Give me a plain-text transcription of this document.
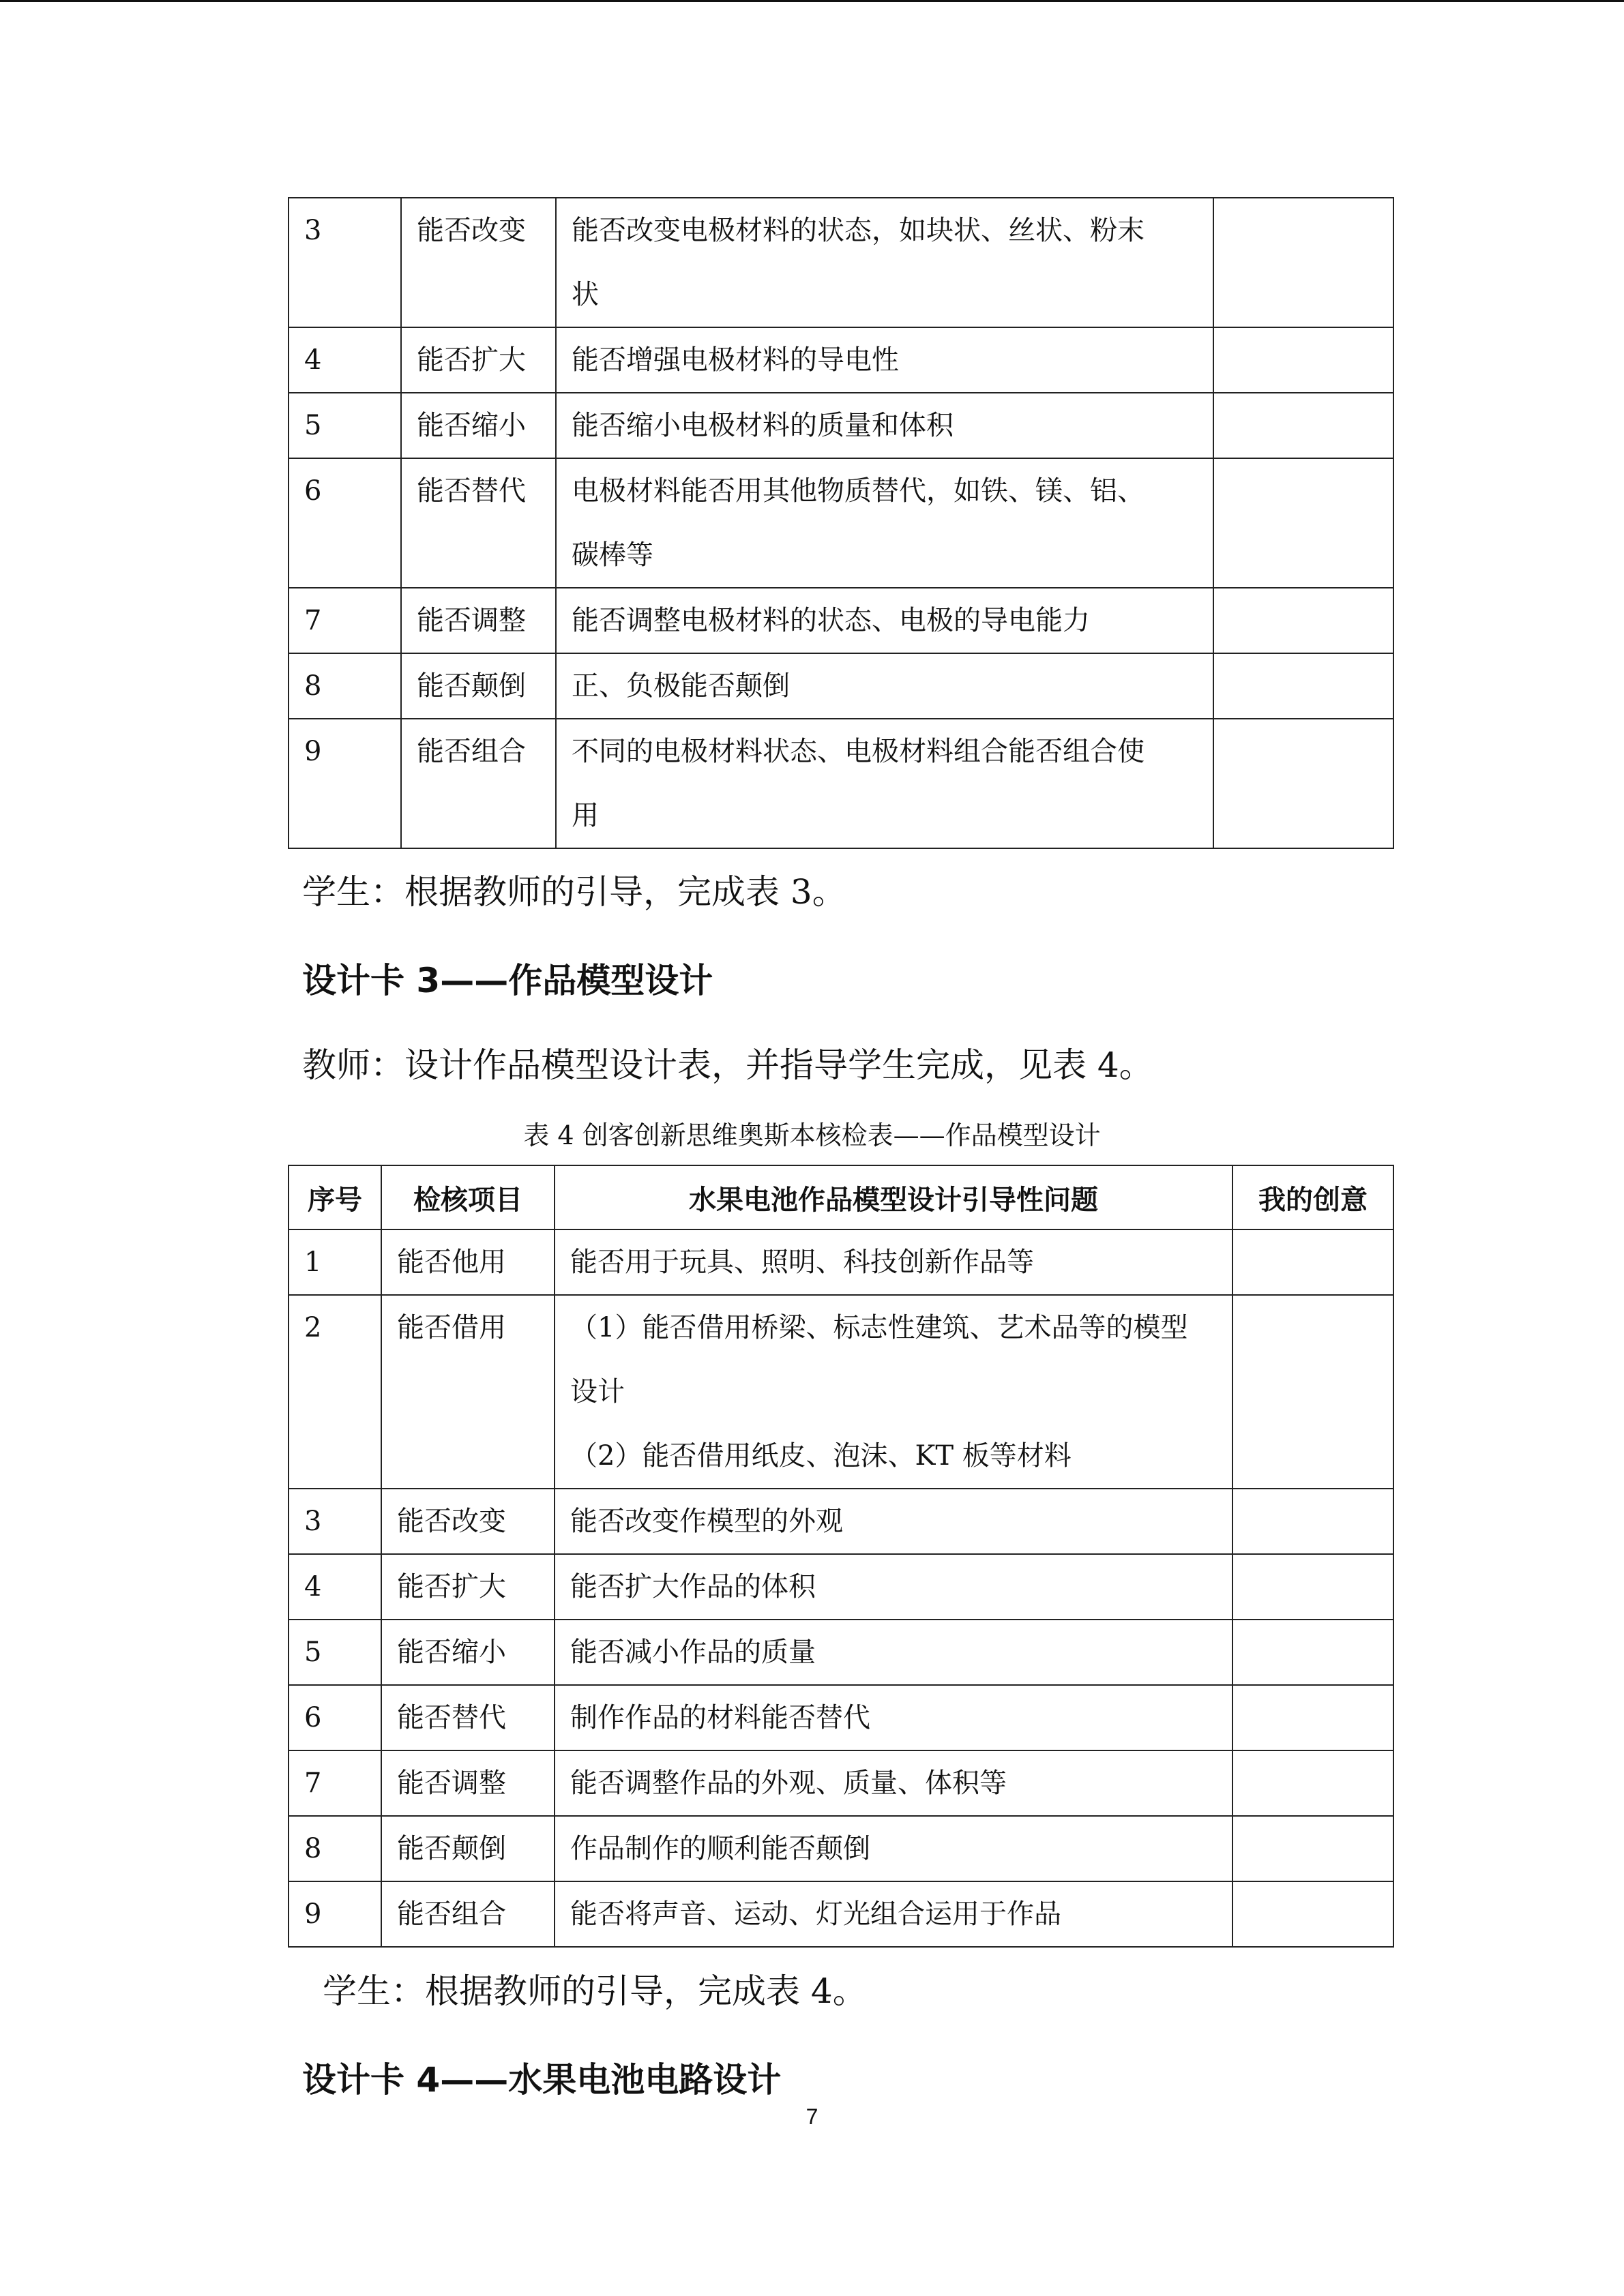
3	能否改变	能否改变电极材料的状态，如块状、丝状、粉末
状	

4	能否扩大	能否增强电极材料的导电性	

5	能否缩小	能否缩小电极材料的质量和体积	

6	能否替代	电极材料能否用其他物质替代，如铁、镁、铝、
碳棒等	

7	能否调整	能否调整电极材料的状态、电极的导电能力	

8	能否颠倒	正、负极能否颠倒	

9	能否组合	不同的电极材料状态、电极材料组合能否组合使
用	

学生：根据教师的引导，完成表 3。
设计卡 3——作品模型设计
教师：设计作品模型设计表，并指导学生完成，见表 4。
表 4 创客创新思维奥斯本核检表——作品模型设计
序号	检核项目	水果电池作品模型设计引导性问题	我的创意
1	能否他用	能否用于玩具、照明、科技创新作品等	

2	能否借用	（1）能否借用桥梁、标志性建筑、艺术品等的模型
设计
（2）能否借用纸皮、泡沫、KT 板等材料	

3	能否改变	能否改变作模型的外观	

4	能否扩大	能否扩大作品的体积	

5	能否缩小	能否减小作品的质量	

6	能否替代	制作作品的材料能否替代	

7	能否调整	能否调整作品的外观、质量、体积等	

8	能否颠倒	作品制作的顺利能否颠倒	

9	能否组合	能否将声音、运动、灯光组合运用于作品	

学生：根据教师的引导，完成表 4。
设计卡 4——水果电池电路设计
7
